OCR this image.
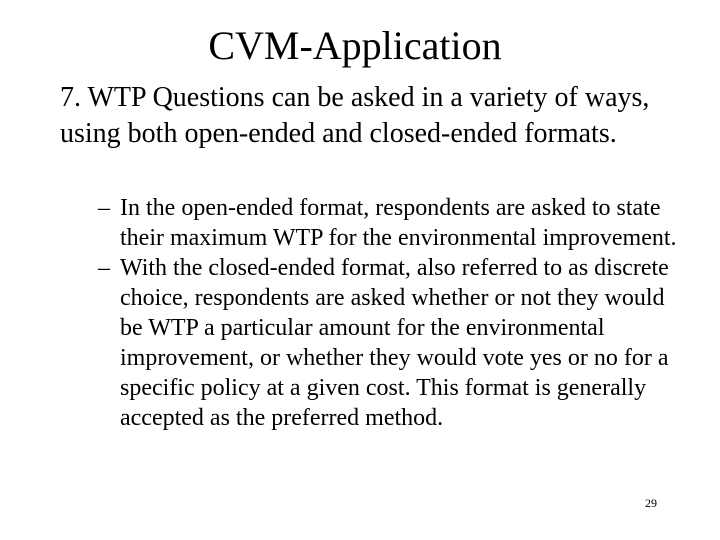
CVM-Application
7. WTP Questions can be asked in a variety of ways, using both open-ended and closed-ended formats.
– In the open-ended format, respondents are asked to state their maximum WTP for the environmental improvement.
– With the closed-ended format, also referred to as discrete choice, respondents are asked whether or not they would be WTP a particular amount for the environmental improvement, or whether they would vote yes or no for a specific policy at a given cost. This format is generally accepted as the preferred method.
29
